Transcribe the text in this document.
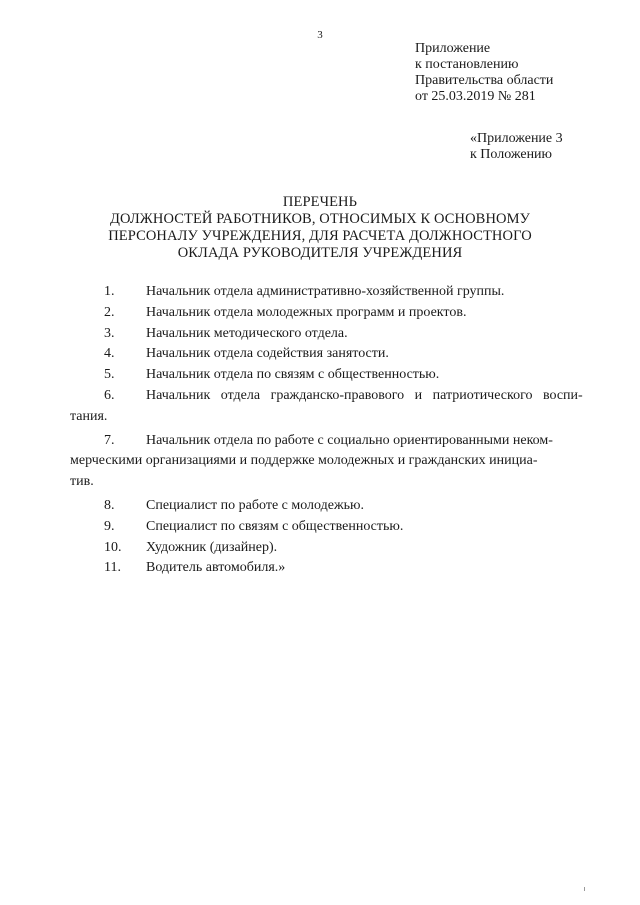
3
Приложение
к постановлению
Правительства области
от 25.03.2019 № 281
«Приложение 3
к Положению
ПЕРЕЧЕНЬ
ДОЛЖНОСТЕЙ РАБОТНИКОВ, ОТНОСИМЫХ К ОСНОВНОМУ
ПЕРСОНАЛУ УЧРЕЖДЕНИЯ, ДЛЯ РАСЧЕТА ДОЛЖНОСТНОГО
ОКЛАДА РУКОВОДИТЕЛЯ УЧРЕЖДЕНИЯ
1. Начальник отдела административно-хозяйственной группы.
2. Начальник отдела молодежных программ и проектов.
3. Начальник методического отдела.
4. Начальник отдела содействия занятости.
5. Начальник отдела по связям с общественностью.
6. Начальник   отдела   гражданско-правового   и   патриотического   воспи-
тания.
7. Начальник отдела по работе с социально ориентированными неком-
мерческими организациями и поддержке молодежных и гражданских инициа-
тив.
8. Специалист по работе с молодежью.
9. Специалист по связям с общественностью.
10. Художник (дизайнер).
11. Водитель автомобиля.»
